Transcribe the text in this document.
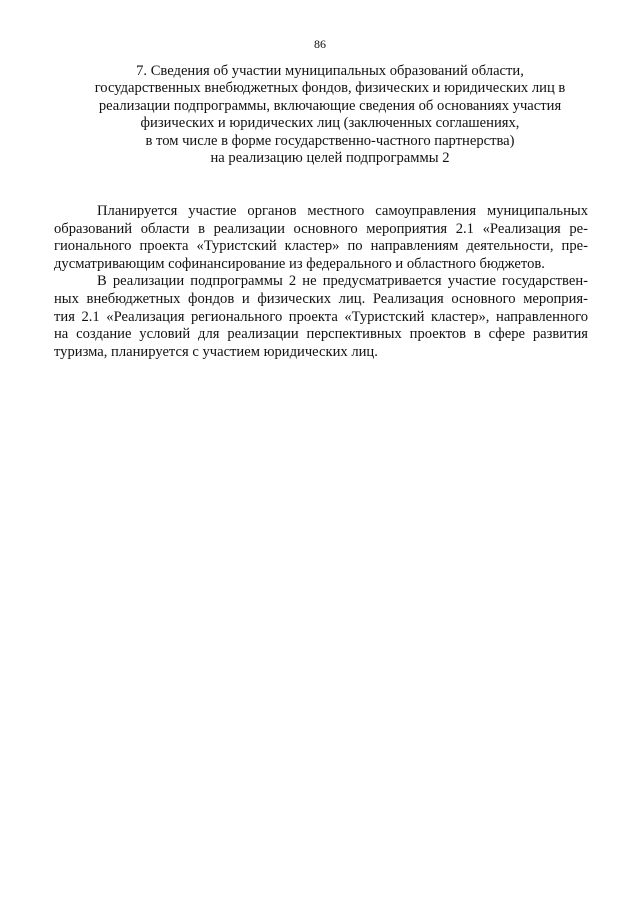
86
7. Сведения об участии муниципальных образований области,
государственных внебюджетных фондов, физических и юридических лиц в
реализации подпрограммы, включающие сведения об основаниях участия
физических и юридических лиц (заключенных соглашениях,
в том числе в форме государственно-частного партнерства)
на реализацию целей подпрограммы 2
Планируется участие органов местного самоуправления муниципальных
образований области в реализации основного мероприятия 2.1 «Реализация ре-
гионального проекта «Туристский кластер» по направлениям деятельности, пре-
дусматривающим софинансирование из федерального и областного бюджетов.
В реализации подпрограммы 2 не предусматривается участие государствен-
ных внебюджетных фондов и физических лиц. Реализация основного мероприя-
тия 2.1 «Реализация регионального проекта «Туристский кластер», направленного
на создание условий для реализации перспективных проектов в сфере развития
туризма, планируется с участием юридических лиц.
